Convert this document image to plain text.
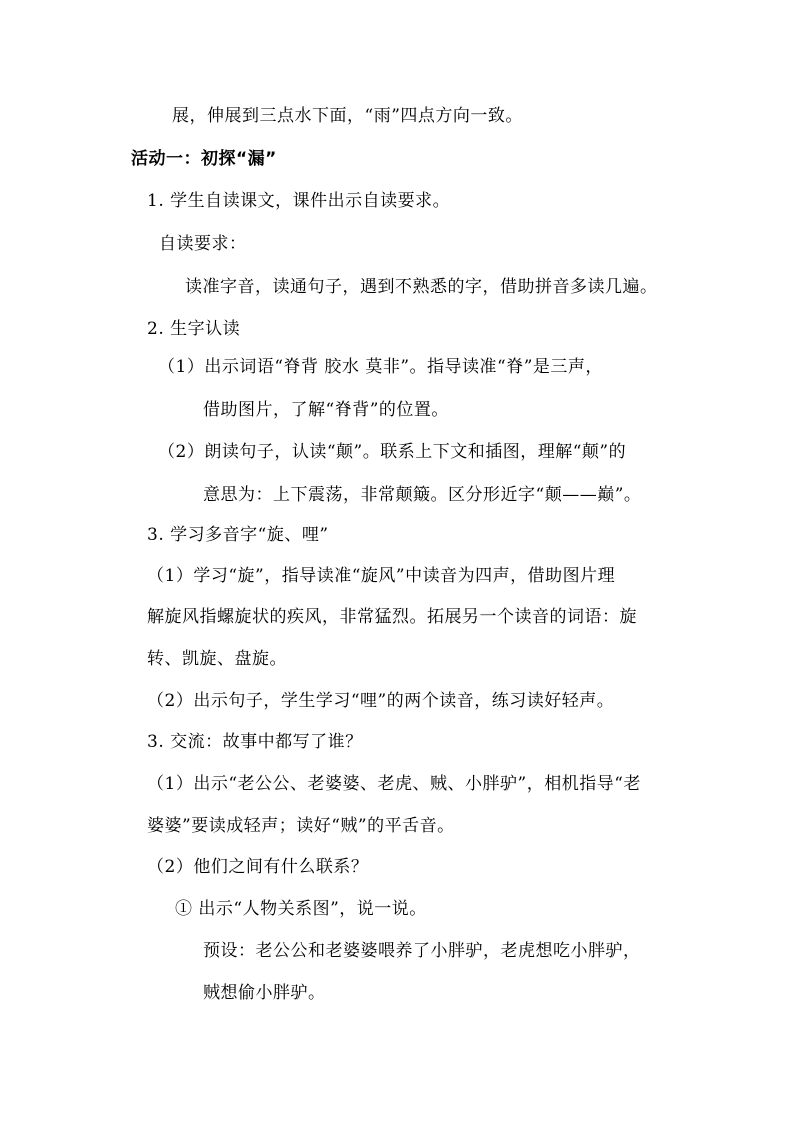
展，伸展到三点水下面，“雨”四点方向一致。
活动一：初探“漏”
1. 学生自读课文，课件出示自读要求。
自读要求：
读准字音，读通句子，遇到不熟悉的字，借助拼音多读几遍。
2. 生字认读
（1）出示词语“脊背 胶水 莫非”。指导读准“脊”是三声，
借助图片，了解“脊背”的位置。
（2）朗读句子，认读“颠”。联系上下文和插图，理解“颠”的
意思为：上下震荡，非常颠簸。区分形近字“颠——巅”。
3. 学习多音字“旋、哩”
（1）学习“旋”，指导读准“旋风”中读音为四声，借助图片理
解旋风指螺旋状的疾风，非常猛烈。拓展另一个读音的词语：旋
转、凯旋、盘旋。
（2）出示句子，学生学习“哩”的两个读音，练习读好轻声。
3. 交流：故事中都写了谁？
（1）出示“老公公、老婆婆、老虎、贼、小胖驴”，相机指导“老
婆婆”要读成轻声；读好“贼”的平舌音。
（2）他们之间有什么联系？
① 出示“人物关系图”，说一说。
预设：老公公和老婆婆喂养了小胖驴，老虎想吃小胖驴，
贼想偷小胖驴。
